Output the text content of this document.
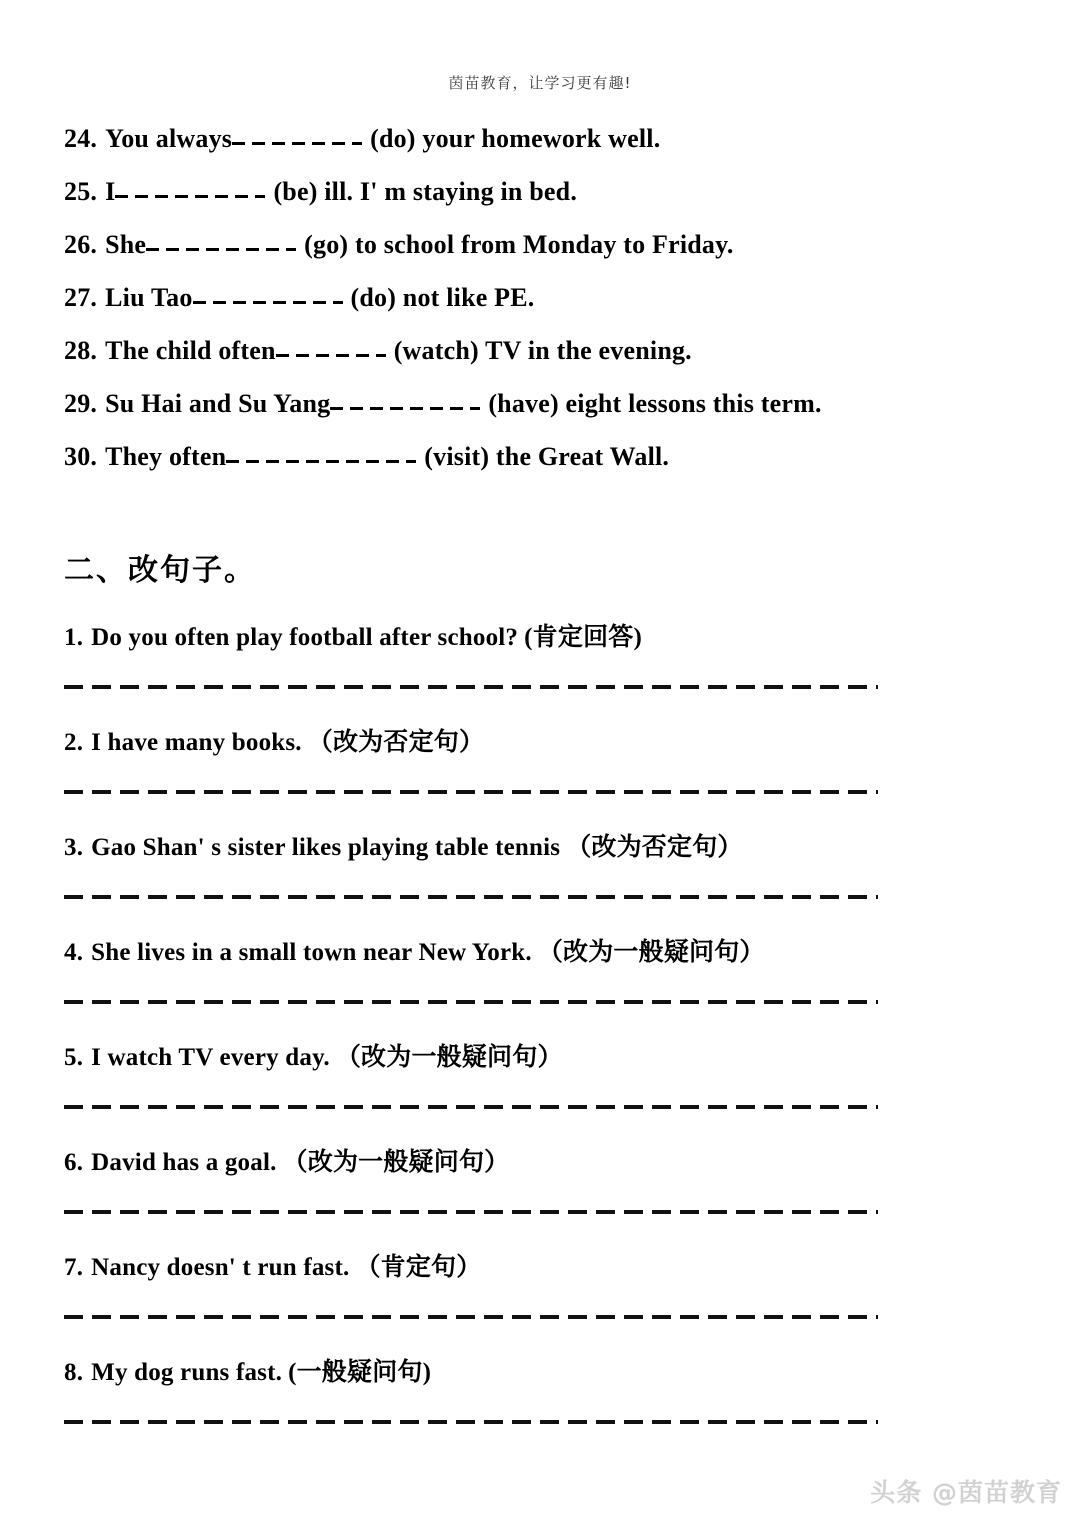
茵苗教育，让学习更有趣!
24. You always	(do) your homework well.
25. I	(be) ill. I' m staying in bed.
26. She	(go) to school from Monday to Friday.
27. Liu Tao	(do) not like PE.
28. The child often	(watch) TV in the evening.
29. Su Hai and Su Yang	(have) eight lessons this term.
30. They often	(visit) the Great Wall.
二、改句子。
1. Do you often play football after school? (肯定回答)
2. I have many books. （改为否定句）
3. Gao Shan' s sister likes playing table tennis （改为否定句）
4. She lives in a small town near New York. （改为一般疑问句）
5. I watch TV every day. （改为一般疑问句）
6. David has a goal. （改为一般疑问句）
7. Nancy doesn' t run fast. （肯定句）
8. My dog runs fast. (一般疑问句)
头条 @茵苗教育
